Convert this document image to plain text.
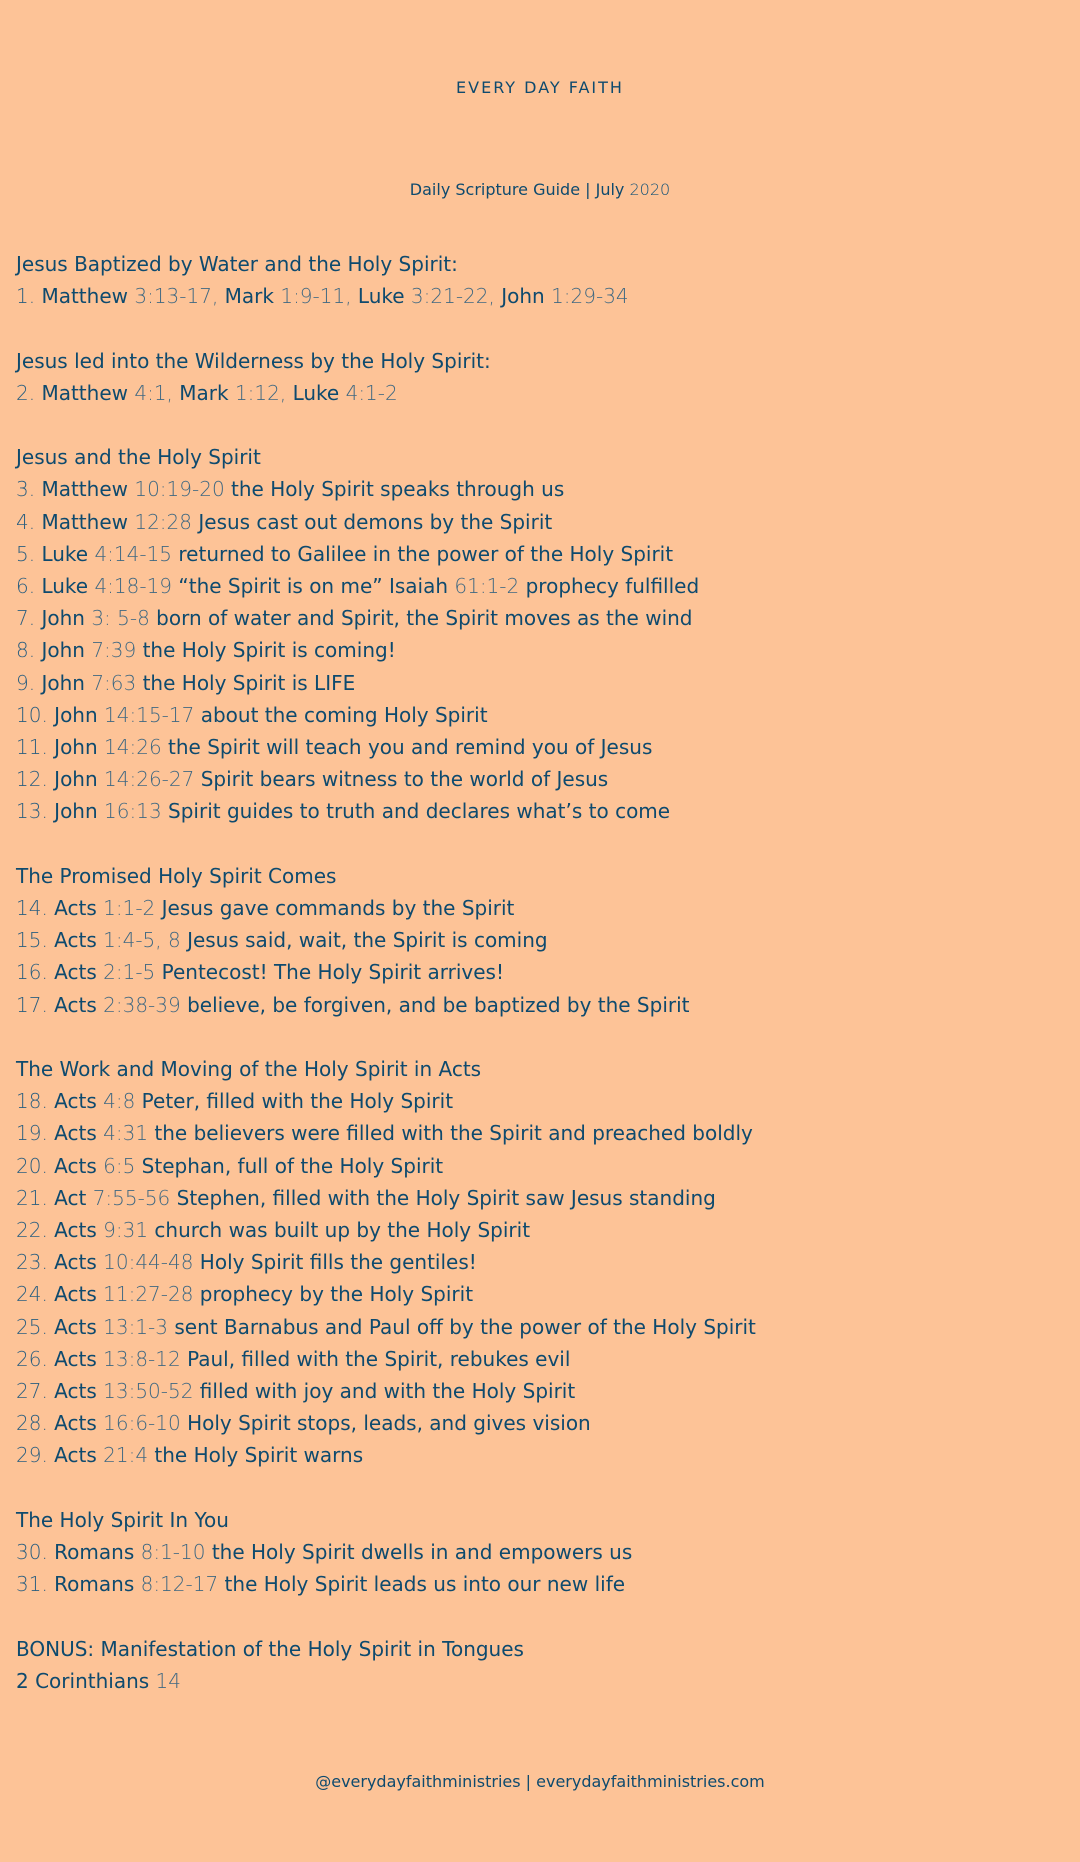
EVERY DAY FAITH

Daily Scripture Guide | July 2020

Jesus Baptized by Water and the Holy Spirit:
1. Matthew 3:13-17, Mark 1:9-11, Luke 3:21-22, John 1:29-34
Jesus led into the Wilderness by the Holy Spirit:
2. Matthew 4:1, Mark 1:12, Luke 4:1-2
Jesus and the Holy Spirit
3. Matthew 10:19-20 the Holy Spirit speaks through us
4. Matthew 12:28 Jesus cast out demons by the Spirit
5. Luke 4:14-15 returned to Galilee in the power of the Holy Spirit
6. Luke 4:18-19 “the Spirit is on me” Isaiah 61:1-2 prophecy fulfilled
7. John 3: 5-8 born of water and Spirit, the Spirit moves as the wind
8. John 7:39 the Holy Spirit is coming!
9. John 7:63 the Holy Spirit is LIFE
10. John 14:15-17 about the coming Holy Spirit
11. John 14:26 the Spirit will teach you and remind you of Jesus
12. John 14:26-27 Spirit bears witness to the world of Jesus
13. John 16:13 Spirit guides to truth and declares what’s to come
The Promised Holy Spirit Comes
14. Acts 1:1-2 Jesus gave commands by the Spirit
15. Acts 1:4-5, 8 Jesus said, wait, the Spirit is coming
16. Acts 2:1-5 Pentecost! The Holy Spirit arrives!
17. Acts 2:38-39 believe, be forgiven, and be baptized by the Spirit
The Work and Moving of the Holy Spirit in Acts
18. Acts 4:8 Peter, filled with the Holy Spirit
19. Acts 4:31 the believers were filled with the Spirit and preached boldly
20. Acts 6:5 Stephan, full of the Holy Spirit
21. Act 7:55-56 Stephen, filled with the Holy Spirit saw Jesus standing
22. Acts 9:31 church was built up by the Holy Spirit
23. Acts 10:44-48 Holy Spirit fills the gentiles!
24. Acts 11:27-28 prophecy by the Holy Spirit
25. Acts 13:1-3 sent Barnabus and Paul off by the power of the Holy Spirit
26. Acts 13:8-12 Paul, filled with the Spirit, rebukes evil
27. Acts 13:50-52 filled with joy and with the Holy Spirit
28. Acts 16:6-10 Holy Spirit stops, leads, and gives vision
29. Acts 21:4 the Holy Spirit warns
The Holy Spirit In You
30. Romans 8:1-10 the Holy Spirit dwells in and empowers us
31. Romans 8:12-17 the Holy Spirit leads us into our new life
BONUS: Manifestation of the Holy Spirit in Tongues
2 Corinthians 14
@everydayfaithministries | everydayfaithministries.com
